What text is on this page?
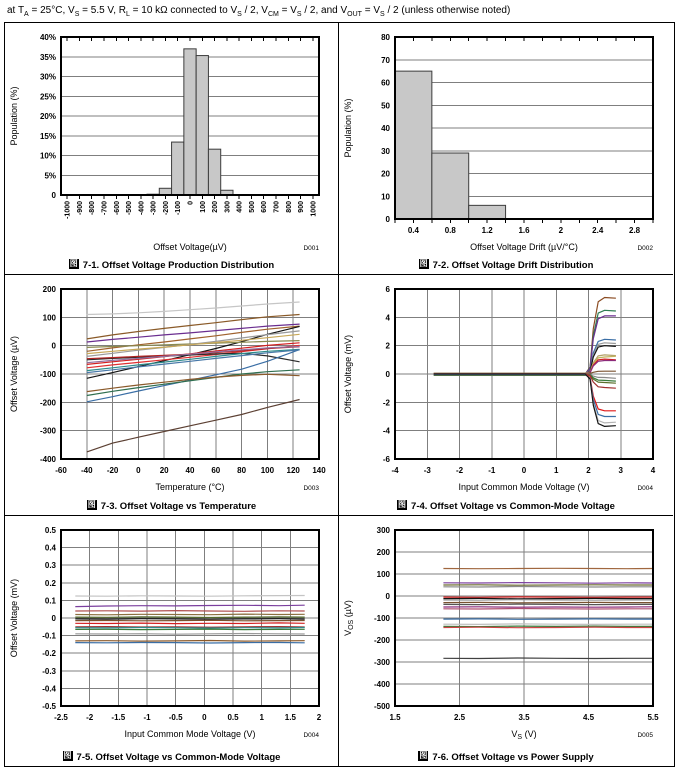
at $T_A = 25^\circ C$, $V_S = 5.5$ V, $R_L = 10$ kΩ connected to $V_S / 2$, $V_{CM} = V_S / 2$, and $V_{OUT} = V_S / 2$ (unless otherwise noted)
0
5%
10%
15%
20%
25%
30%
35%
40%
-1000 -900 -800 -700 -600 -500 -400 -300 -200 -100 0 100 200 300 400 500 600 700 800 900 1000
Offset Voltage(µV)
Population (%)
D001
图 7-1. Offset Voltage Production Distribution
0
10
20
30
40
50
60
70
80
0.4	0.8	1.2	1.6	2	2.4	2.8
Offset Voltage Drift (µV/°C)
Population (%)
D002
图 7-2. Offset Voltage Drift Distribution
-400
-300
-200
-100
0
100
200
-60 -40 -20 0 20 40 60 80 100 120 140
Temperature (°C)
Offset Voltage (µV)
D003
图 7-3. Offset Voltage vs Temperature
-6
-4
-2
0
2
4
6
-4	-3	-2	-1	0	1	2	3	4
Input Common Mode Voltage (V)
Offset Voltage (mV)
D004
图 7-4. Offset Voltage vs Common-Mode Voltage
-0.5
-0.4
-0.3
-0.2
-0.1
0
0.1
0.2
0.3
0.4
0.5
-2.5 -2 -1.5 -1 -0.5 0	0.5	1	1.5	2
Input Common Mode Voltage (V)
Offset Voltage (mV)
D004
图 7-5. Offset Voltage vs Common-Mode Voltage
-500
-400
-300
-200
-100
0
100
200
300
1.5	2.5	3.5	4.5	5.5
$V_S$ (V)
$V_{OS}$ (µV)
D005
图 7-6. Offset Voltage vs Power Supply
